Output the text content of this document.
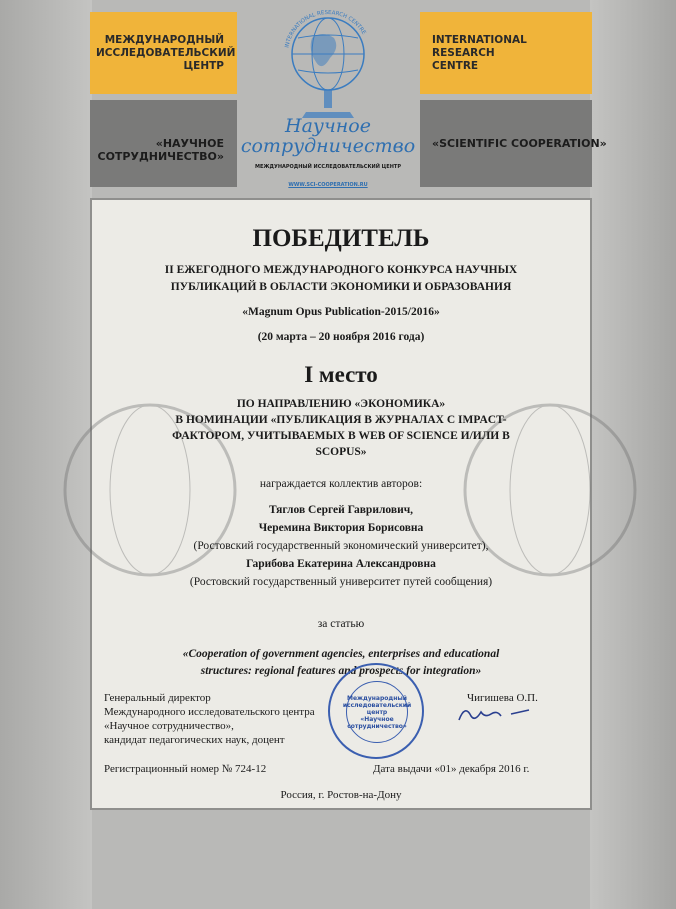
МЕЖДУНАРОДНЫЙ
ИССЛЕДОВАТЕЛЬСКИЙ
ЦЕНТР
INTERNATIONAL
RESEARCH
CENTRE
«НАУЧНОЕ СОТРУДНИЧЕСТВО»
«SCIENTIFIC COOPERATION»
INTERNATIONAL RESEARCH CENTRE
Научное
сотрудничество
МЕЖДУНАРОДНЫЙ ИССЛЕДОВАТЕЛЬСКИЙ ЦЕНТР
WWW.SCI-COOPERATION.RU
ПОБЕДИТЕЛЬ
II ЕЖЕГОДНОГО МЕЖДУНАРОДНОГО КОНКУРСА НАУЧНЫХ
ПУБЛИКАЦИЙ В ОБЛАСТИ ЭКОНОМИКИ И ОБРАЗОВАНИЯ
«Magnum Opus Publication-2015/2016»
(20 марта – 20 ноября 2016 года)
I место
ПО НАПРАВЛЕНИЮ «ЭКОНОМИКА»
В НОМИНАЦИИ «ПУБЛИКАЦИЯ В ЖУРНАЛАХ С IMPACT-
ФАКТОРОМ, УЧИТЫВАЕМЫХ В WEB OF SCIENCE И/ИЛИ В
SCOPUS»
награждается коллектив авторов:
Тяглов Сергей Гаврилович,
Черемина Виктория Борисовна
(Ростовский государственный экономический университет),
Гарибова Екатерина Александровна
(Ростовский государственный университет путей сообщения)
за статью
«Cooperation of government agencies, enterprises and educational
structures: regional features and prospects for integration»
Генеральный директор
Международного исследовательского центра
«Научное сотрудничество»,
кандидат педагогических наук, доцент
Международный
исследовательский центр
«Научное
сотрудничество»
Чигишева О.П.
Регистрационный номер № 724-12	Дата выдачи «01» декабря 2016 г.
Россия, г. Ростов-на-Дону
